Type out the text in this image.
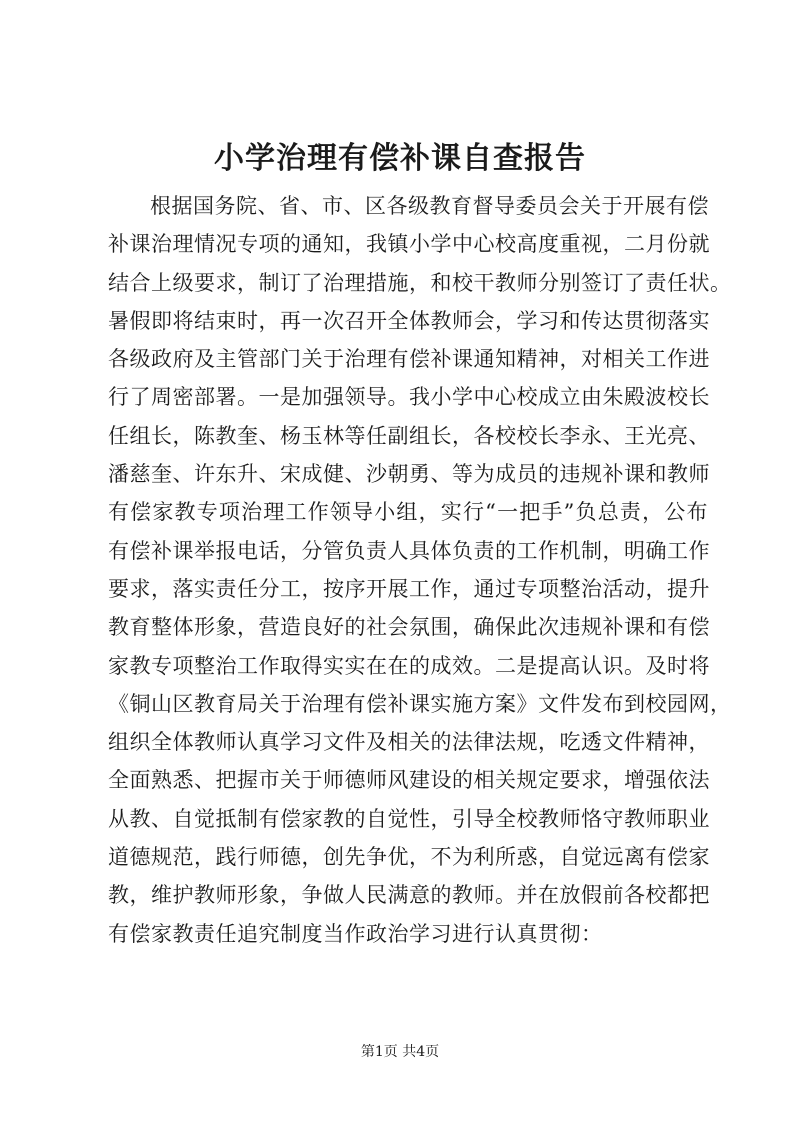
小学治理有偿补课自查报告
根据国务院、省、市、区各级教育督导委员会关于开展有偿
补课治理情况专项的通知，我镇小学中心校高度重视，二月份就
结合上级要求，制订了治理措施，和校干教师分别签订了责任状。
暑假即将结束时，再一次召开全体教师会，学习和传达贯彻落实
各级政府及主管部门关于治理有偿补课通知精神，对相关工作进
行了周密部署。一是加强领导。我小学中心校成立由朱殿波校长
任组长，陈教奎、杨玉林等任副组长，各校校长李永、王光亮、
潘慈奎、许东升、宋成健、沙朝勇、等为成员的违规补课和教师
有偿家教专项治理工作领导小组，实行“一把手”负总责，公布
有偿补课举报电话，分管负责人具体负责的工作机制，明确工作
要求，落实责任分工，按序开展工作，通过专项整治活动，提升
教育整体形象，营造良好的社会氛围，确保此次违规补课和有偿
家教专项整治工作取得实实在在的成效。二是提高认识。及时将
《铜山区教育局关于治理有偿补课实施方案》文件发布到校园网，
组织全体教师认真学习文件及相关的法律法规，吃透文件精神，
全面熟悉、把握市关于师德师风建设的相关规定要求，增强依法
从教、自觉抵制有偿家教的自觉性，引导全校教师恪守教师职业
道德规范，践行师德，创先争优，不为利所惑，自觉远离有偿家
教，维护教师形象，争做人民满意的教师。并在放假前各校都把
有偿家教责任追究制度当作政治学习进行认真贯彻：
第1页 共4页
